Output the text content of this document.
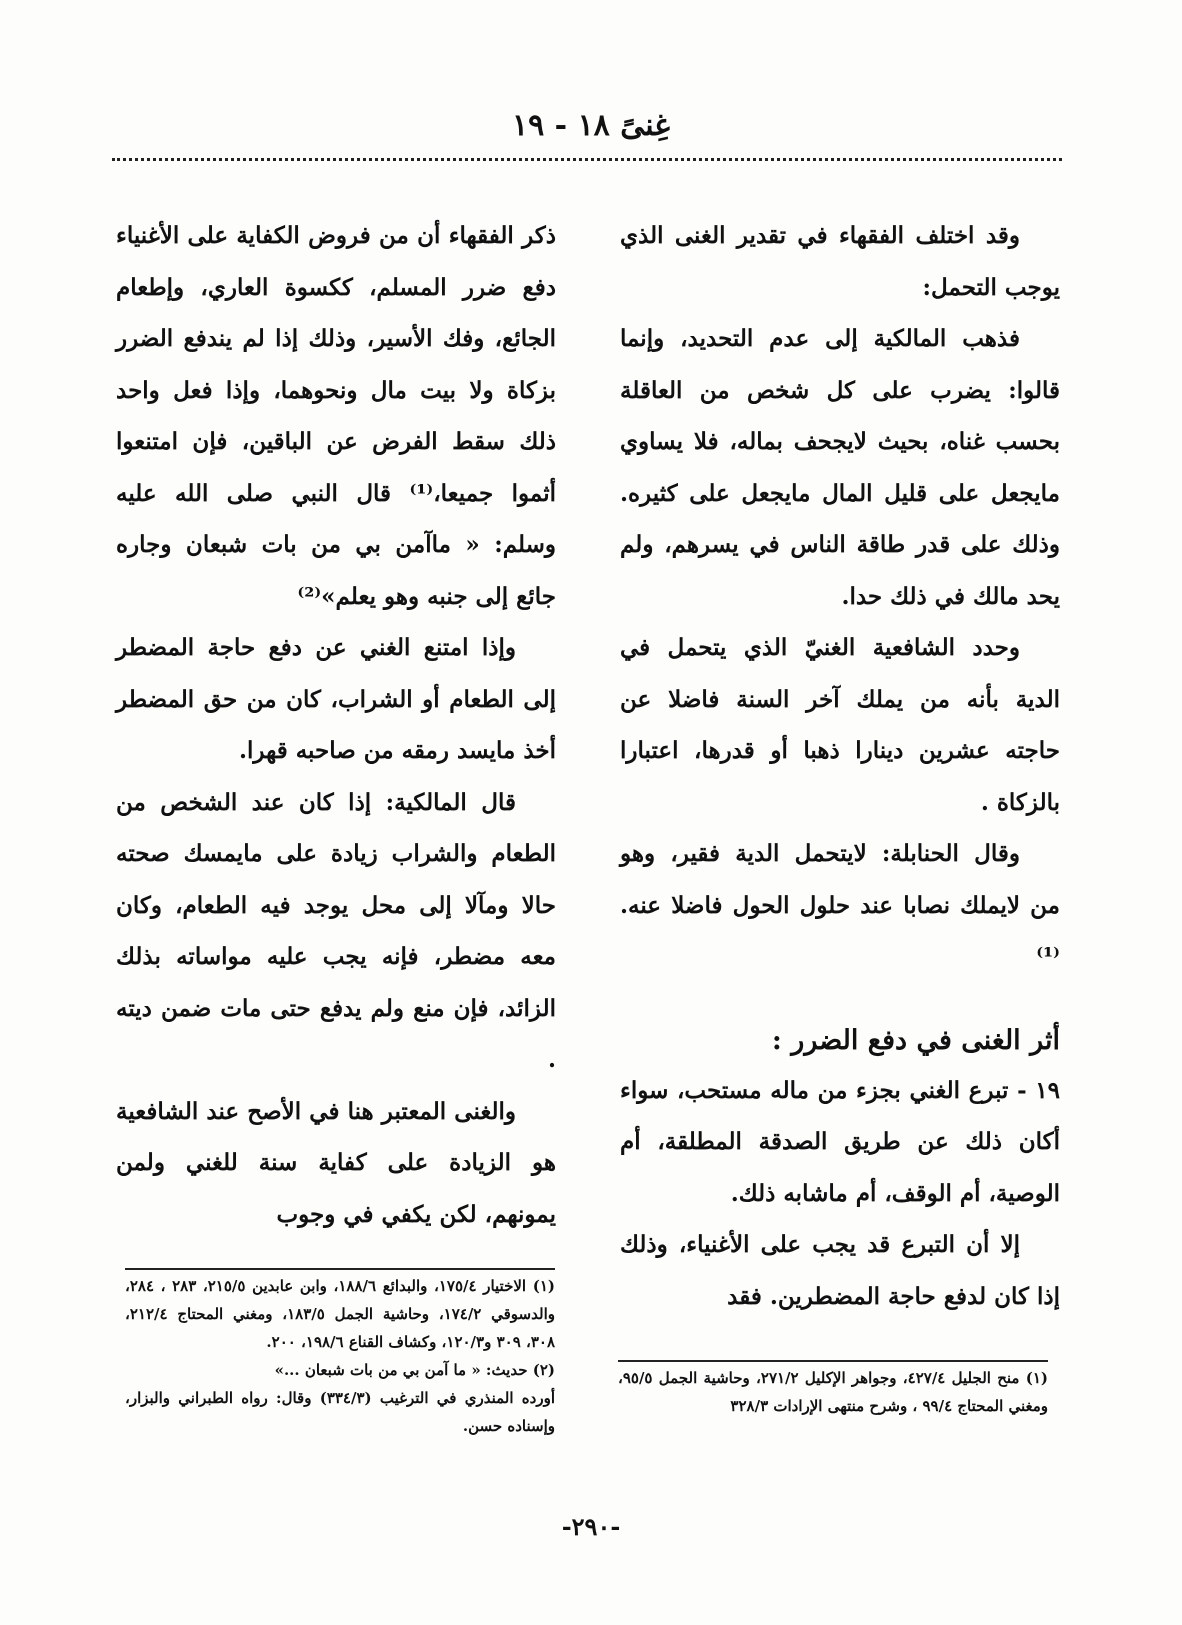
غِنىً ١٨ - ١٩

وقد اختلف الفقهاء في تقدير الغنى الذي يوجب التحمل:

فذهب المالكية إلى عدم التحديد، وإنما قالوا: يضرب على كل شخص من العاقلة بحسب غناه، بحيث لايجحف بماله، فلا يساوي مايجعل على قليل المال مايجعل على كثيره. وذلك على قدر طاقة الناس في يسرهم، ولم يحد مالك في ذلك حدا.

وحدد الشافعية الغنيّ الذي يتحمل في الدية بأنه من يملك آخر السنة فاضلا عن حاجته عشرين دينارا ذهبا أو قدرها، اعتبارا بالزكاة .

وقال الحنابلة: لايتحمل الدية فقير، وهو من لايملك نصابا عند حلول الحول فاضلا عنه.⁽¹⁾

أثر الغنى في دفع الضرر :

١٩ - تبرع الغني بجزء من ماله مستحب، سواء أكان ذلك عن طريق الصدقة المطلقة، أم الوصية، أم الوقف، أم ماشابه ذلك.

إلا أن التبرع قد يجب على الأغنياء، وذلك إذا كان لدفع حاجة المضطرين. فقد

ذكر الفقهاء أن من فروض الكفاية على الأغنياء دفع ضرر المسلم، ككسوة العاري، وإطعام الجائع، وفك الأسير، وذلك إذا لم يندفع الضرر بزكاة ولا بيت مال ونحوهما، وإذا فعل واحد ذلك سقط الفرض عن الباقين، فإن امتنعوا أثموا جميعا،⁽¹⁾ قال النبي صلى الله عليه وسلم: « ماآمن بي من بات شبعان وجاره جائع إلى جنبه وهو يعلم»⁽²⁾

وإذا امتنع الغني عن دفع حاجة المضطر إلى الطعام أو الشراب، كان من حق المضطر أخذ مايسد رمقه من صاحبه قهرا.

قال المالكية: إذا كان عند الشخص من الطعام والشراب زيادة على مايمسك صحته حالا ومآلا إلى محل يوجد فيه الطعام، وكان معه مضطر، فإنه يجب عليه مواساته بذلك الزائد، فإن منع ولم يدفع حتى مات ضمن ديته .

والغنى المعتبر هنا في الأصح عند الشافعية هو الزيادة على كفاية سنة للغني ولمن يمونهم، لكن يكفي في وجوب

(١) الاختيار ١٧٥/٤، والبدائع ١٨٨/٦، وابن عابدين ٢١٥/٥، ٢٨٣ ، ٢٨٤، والدسوقي ١٧٤/٢، وحاشية الجمل ١٨٣/٥، ومغني المحتاج ٢١٢/٤، ٣٠٨، ٣٠٩ و١٢٠/٣، وكشاف القناع ١٩٨/٦، ٢٠٠.

(٢) حديث: « ما آمن بي من بات شبعان ...»

أورده المنذري في الترغيب (٣٣٤/٣) وقال: رواه الطبراني والبزار، وإسناده حسن.

(١) منح الجليل ٤٢٧/٤، وجواهر الإكليل ٢٧١/٢، وحاشية الجمل ٩٥/٥، ومغني المحتاج ٩٩/٤ ، وشرح منتهى الإرادات ٣٢٨/٣

-٢٩٠-
